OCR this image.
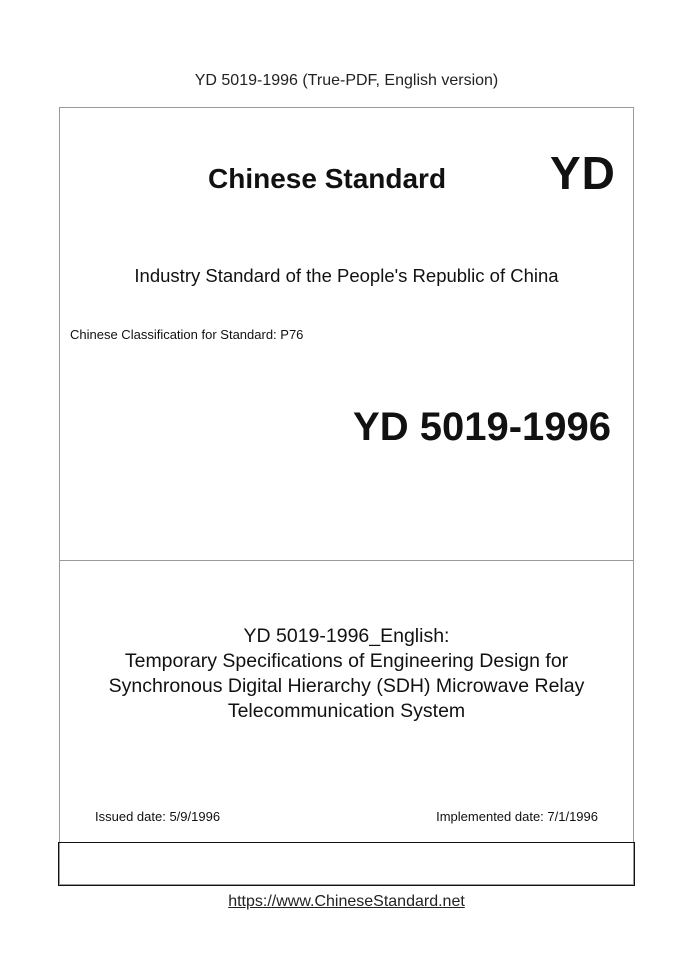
YD 5019-1996 (True-PDF, English version)
Chinese Standard YD
Industry Standard of the People's Republic of China
Chinese Classification for Standard: P76
YD 5019-1996
YD 5019-1996_English:
Temporary Specifications of Engineering Design for
Synchronous Digital Hierarchy (SDH) Microwave Relay
Telecommunication System
Issued date: 5/9/1996	Implemented date: 7/1/1996
https://www.ChineseStandard.net
